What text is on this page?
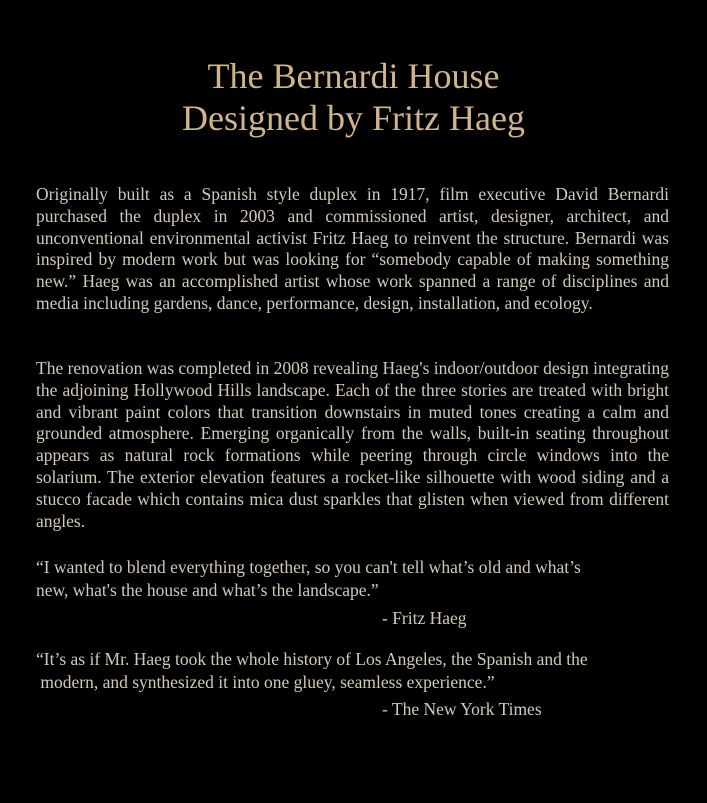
The Bernardi House
Designed by Fritz Haeg

Originally built as a Spanish style duplex in 1917, film executive David Bernardi purchased the duplex in 2003 and commissioned artist, designer, architect, and unconventional environmental activist Fritz Haeg to reinvent the structure. Bernardi was inspired by modern work but was looking for “somebody capable of making something new.” Haeg was an accomplished artist whose work spanned a range of disciplines and media including gardens, dance, performance, design, installation, and ecology.

The renovation was completed in 2008 revealing Haeg's indoor/outdoor design integrating the adjoining Hollywood Hills landscape. Each of the three stories are treated with bright and vibrant paint colors that transition downstairs in muted tones creating a calm and grounded atmosphere. Emerging organically from the walls, built-in seating throughout appears as natural rock formations while peering through circle windows into the solarium. The exterior elevation features a rocket-like silhouette with wood siding and a stucco facade which contains mica dust sparkles that glisten when viewed from different angles.

“I wanted to blend everything together, so you can't tell what’s old and what’s
new, what's the house and what’s the landscape.”

- Fritz Haeg

“It’s as if Mr. Haeg took the whole history of Los Angeles, the Spanish and the
modern, and synthesized it into one gluey, seamless experience.”

- The New York Times
